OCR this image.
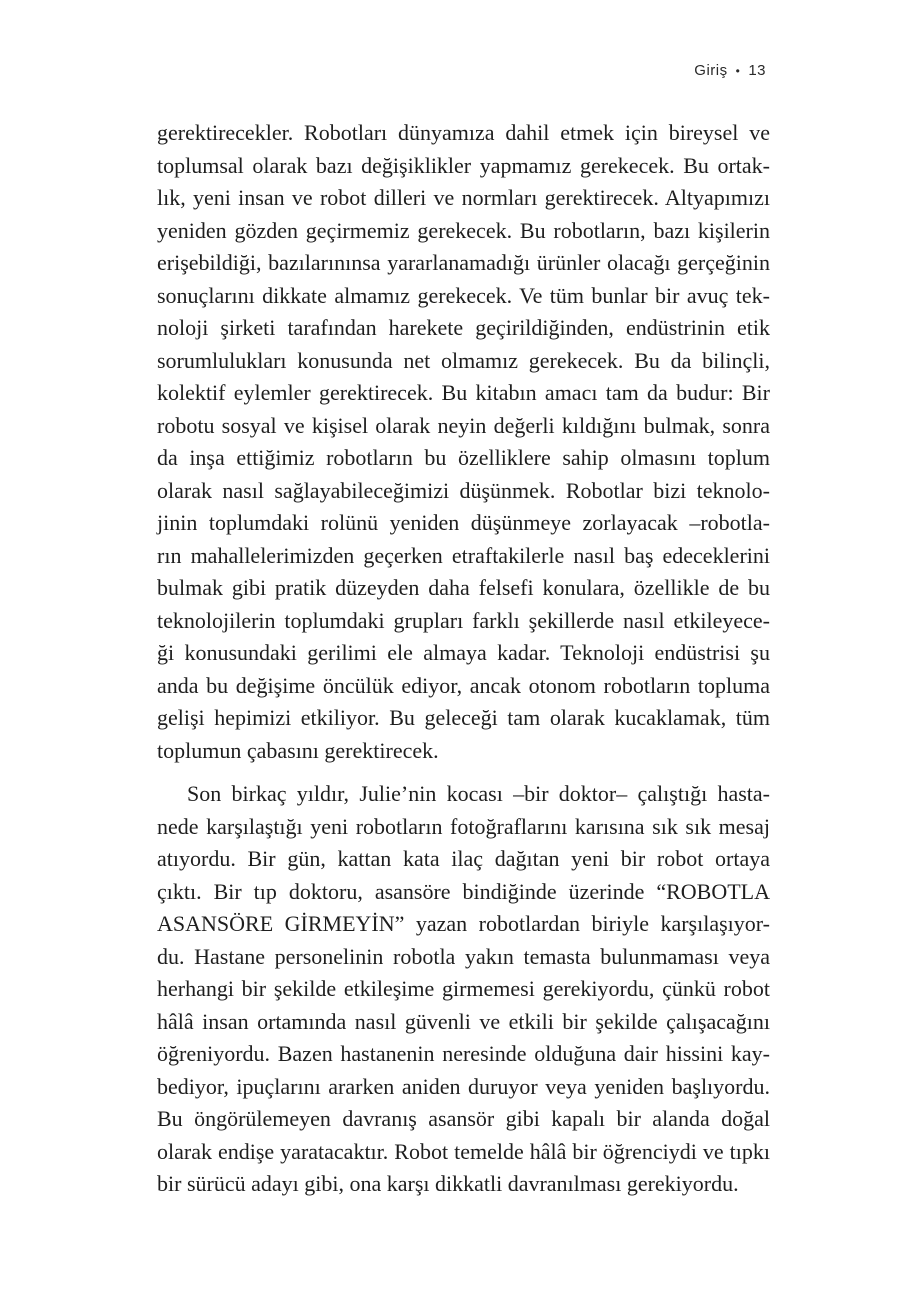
Giriş • 13
gerektirecekler. Robotları dünyamıza dahil etmek için bireysel ve
toplumsal olarak bazı değişiklikler yapmamız gerekecek. Bu ortak-
lık, yeni insan ve robot dilleri ve normları gerektirecek. Altyapımızı
yeniden gözden geçirmemiz gerekecek. Bu robotların, bazı kişilerin
erişebildiği, bazılarınınsa yararlanamadığı ürünler olacağı gerçeğinin
sonuçlarını dikkate almamız gerekecek. Ve tüm bunlar bir avuç tek-
noloji şirketi tarafından harekete geçirildiğinden, endüstrinin etik
sorumlulukları konusunda net olmamız gerekecek. Bu da bilinçli,
kolektif eylemler gerektirecek. Bu kitabın amacı tam da budur: Bir
robotu sosyal ve kişisel olarak neyin değerli kıldığını bulmak, sonra
da inşa ettiğimiz robotların bu özelliklere sahip olmasını toplum
olarak nasıl sağlayabileceğimizi düşünmek. Robotlar bizi teknolo-
jinin toplumdaki rolünü yeniden düşünmeye zorlayacak –robotla-
rın mahallelerimizden geçerken etraftakilerle nasıl baş edeceklerini
bulmak gibi pratik düzeyden daha felsefi konulara, özellikle de bu
teknolojilerin toplumdaki grupları farklı şekillerde nasıl etkileyece-
ği konusundaki gerilimi ele almaya kadar. Teknoloji endüstrisi şu
anda bu değişime öncülük ediyor, ancak otonom robotların topluma
gelişi hepimizi etkiliyor. Bu geleceği tam olarak kucaklamak, tüm
toplumun çabasını gerektirecek.
Son birkaç yıldır, Julie’nin kocası –bir doktor– çalıştığı hasta-
nede karşılaştığı yeni robotların fotoğraflarını karısına sık sık mesaj
atıyordu. Bir gün, kattan kata ilaç dağıtan yeni bir robot ortaya
çıktı. Bir tıp doktoru, asansöre bindiğinde üzerinde “ROBOTLA
ASANSÖRE GİRMEYİN” yazan robotlardan biriyle karşılaşıyor-
du. Hastane personelinin robotla yakın temasta bulunmaması veya
herhangi bir şekilde etkileşime girmemesi gerekiyordu, çünkü robot
hâlâ insan ortamında nasıl güvenli ve etkili bir şekilde çalışacağını
öğreniyordu. Bazen hastanenin neresinde olduğuna dair hissini kay-
bediyor, ipuçlarını ararken aniden duruyor veya yeniden başlıyordu.
Bu öngörülemeyen davranış asansör gibi kapalı bir alanda doğal
olarak endişe yaratacaktır. Robot temelde hâlâ bir öğrenciydi ve tıpkı
bir sürücü adayı gibi, ona karşı dikkatli davranılması gerekiyordu.
